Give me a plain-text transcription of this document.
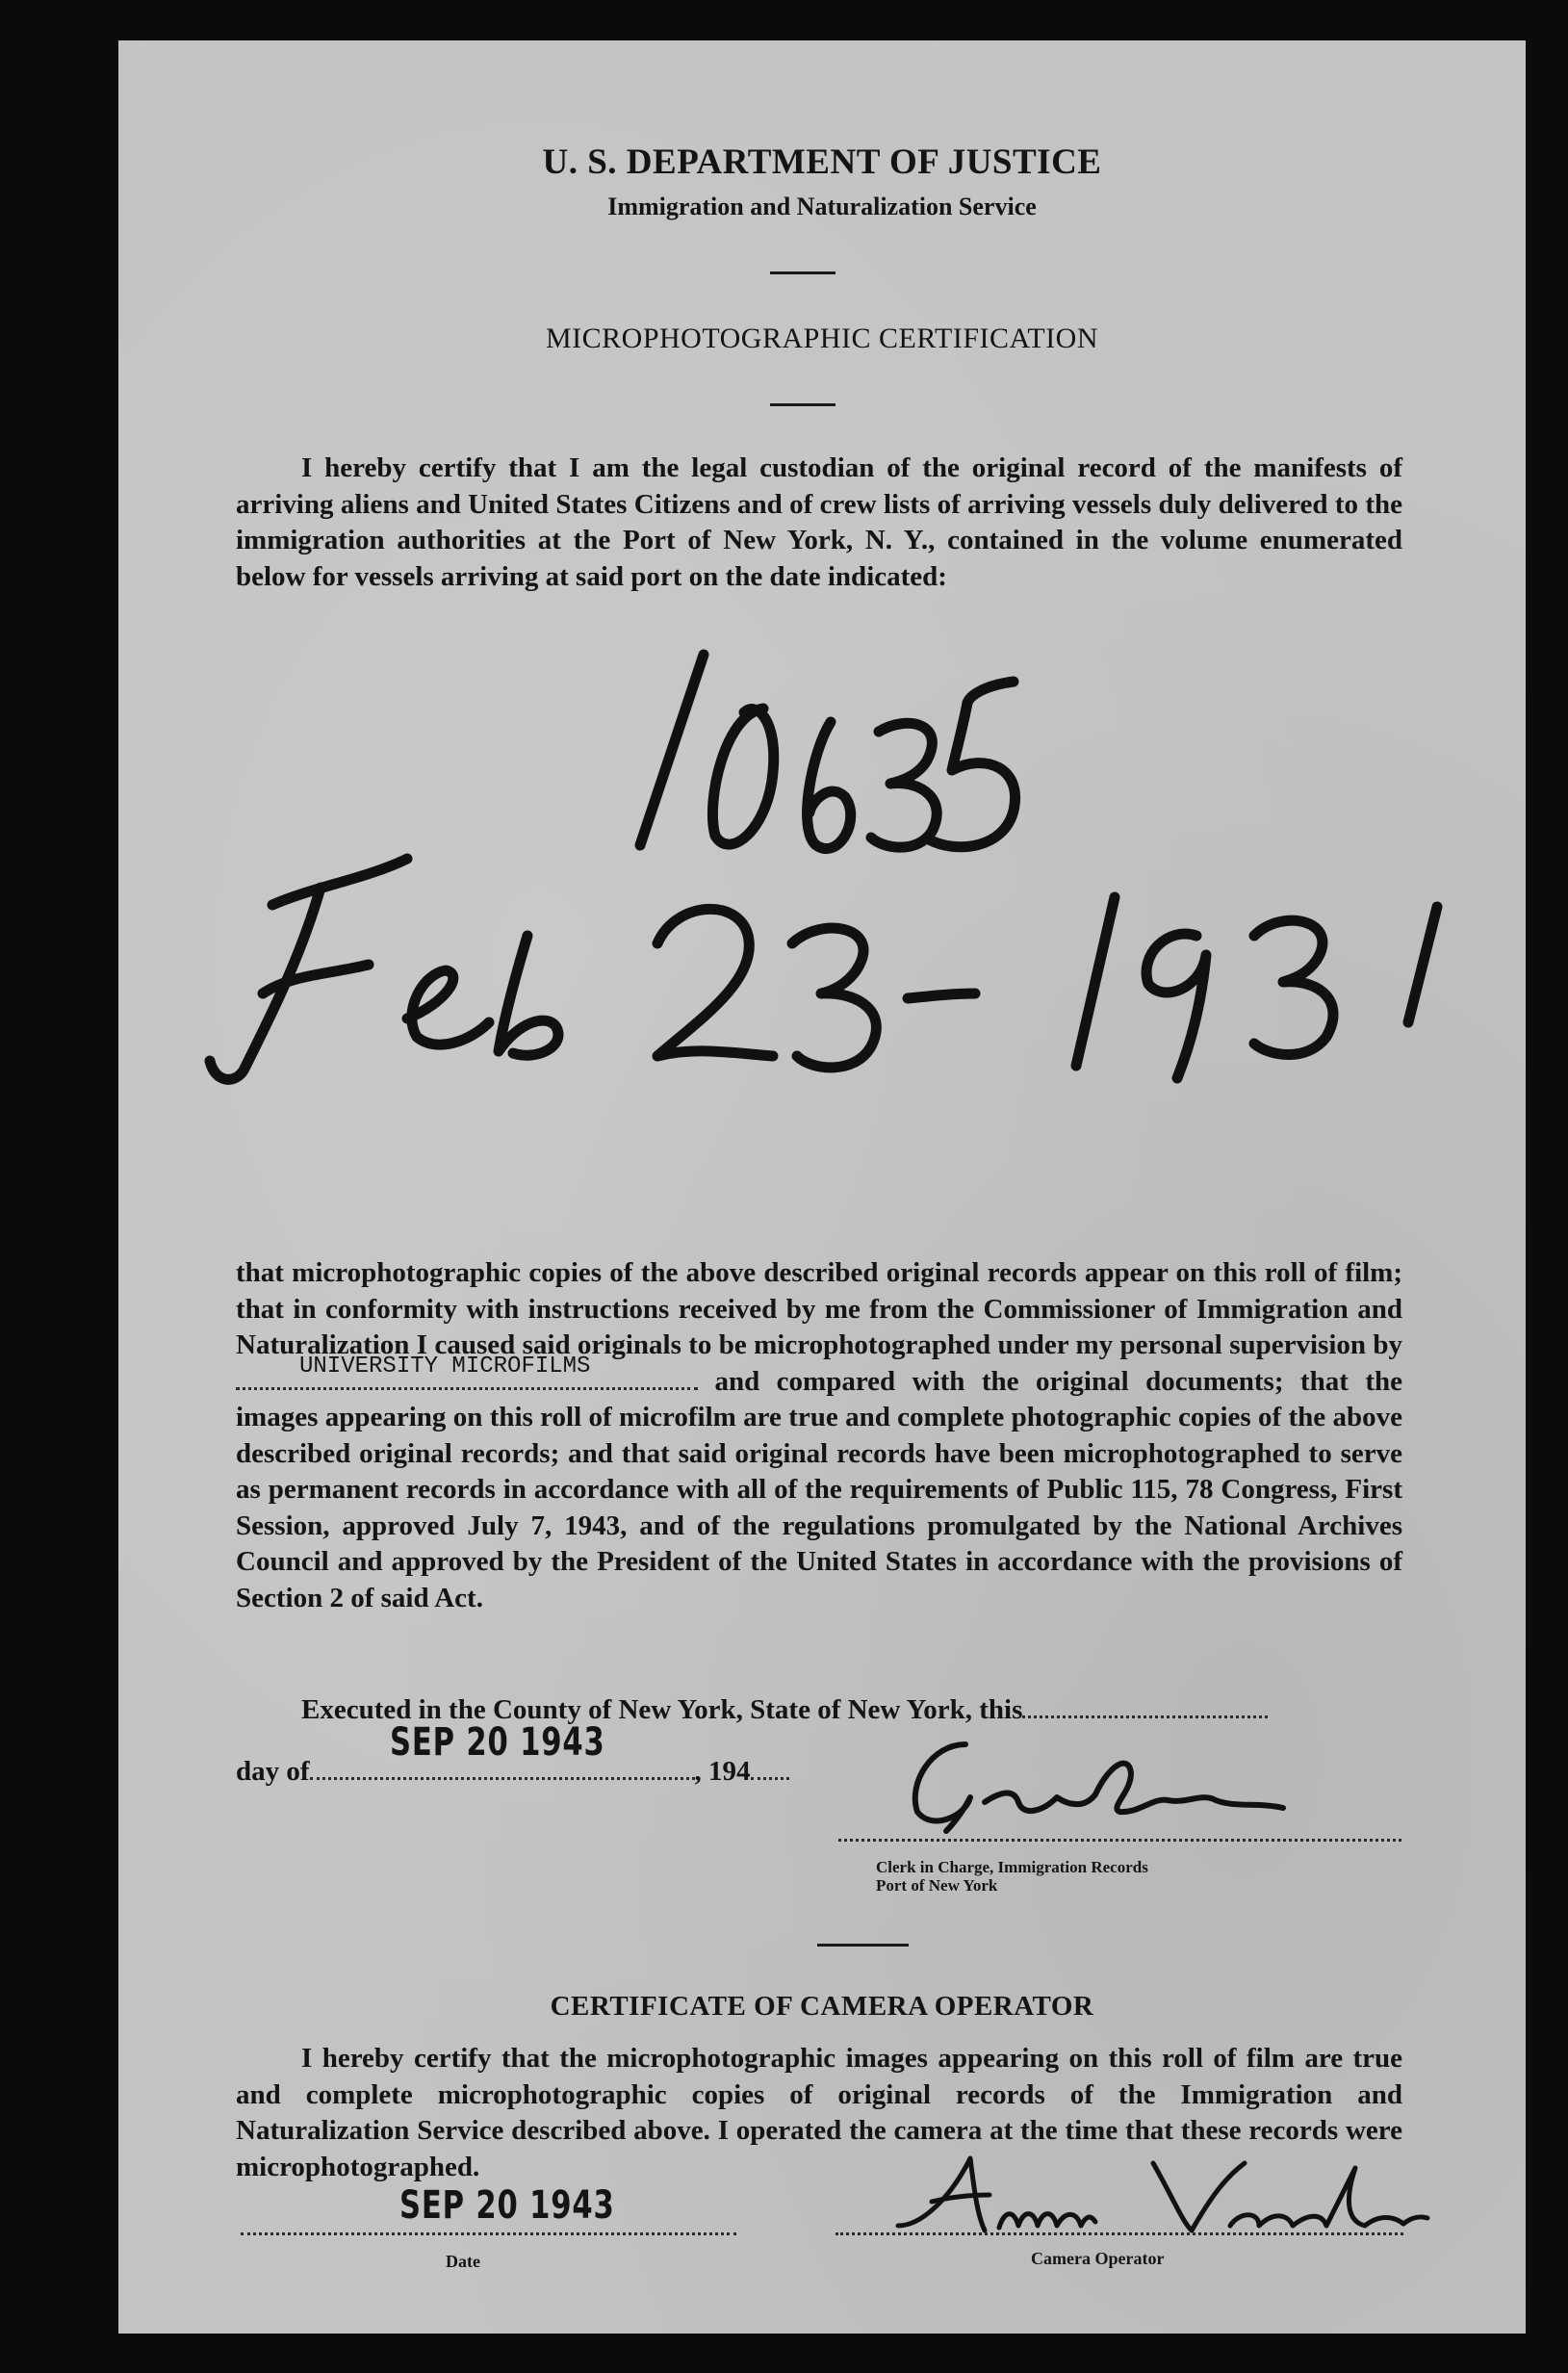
U. S. DEPARTMENT OF JUSTICE
Immigration and Naturalization Service
MICROPHOTOGRAPHIC CERTIFICATION
I hereby certify that I am the legal custodian of the original record of the manifests of arriving aliens and United States Citizens and of crew lists of arriving vessels duly delivered to the immigration authorities at the Port of New York, N. Y., contained in the volume enumerated below for vessels arriving at said port on the date indicated:
that microphotographic copies of the above described original records appear on this roll of film; that in conformity with instructions received by me from the Commissioner of Immigration and Naturalization I caused said originals to be microphotographed under my personal supervision by
UNIVERSITY MICROFILMS	and compared with the original documents; that the images appearing on this roll of microfilm are true and complete photographic copies of the above described original records; and that said original records have been microphotographed to serve as permanent records in accordance with all of the requirements of Public 115, 78 Congress, First Session, approved July 7, 1943, and of the regulations promulgated by the National Archives Council and approved by the President of the United States in accordance with the provisions of Section 2 of said Act.
Executed in the County of New York, State of New York, this
day of	, 194
SEP 20 1943
Clerk in Charge, Immigration Records
Port of New York
CERTIFICATE OF CAMERA OPERATOR
I hereby certify that the microphotographic images appearing on this roll of film are true and complete microphotographic copies of original records of the Immigration and Naturalization Service described above. I operated the camera at the time that these records were microphotographed.
SEP 20 1943
Date	Camera Operator
